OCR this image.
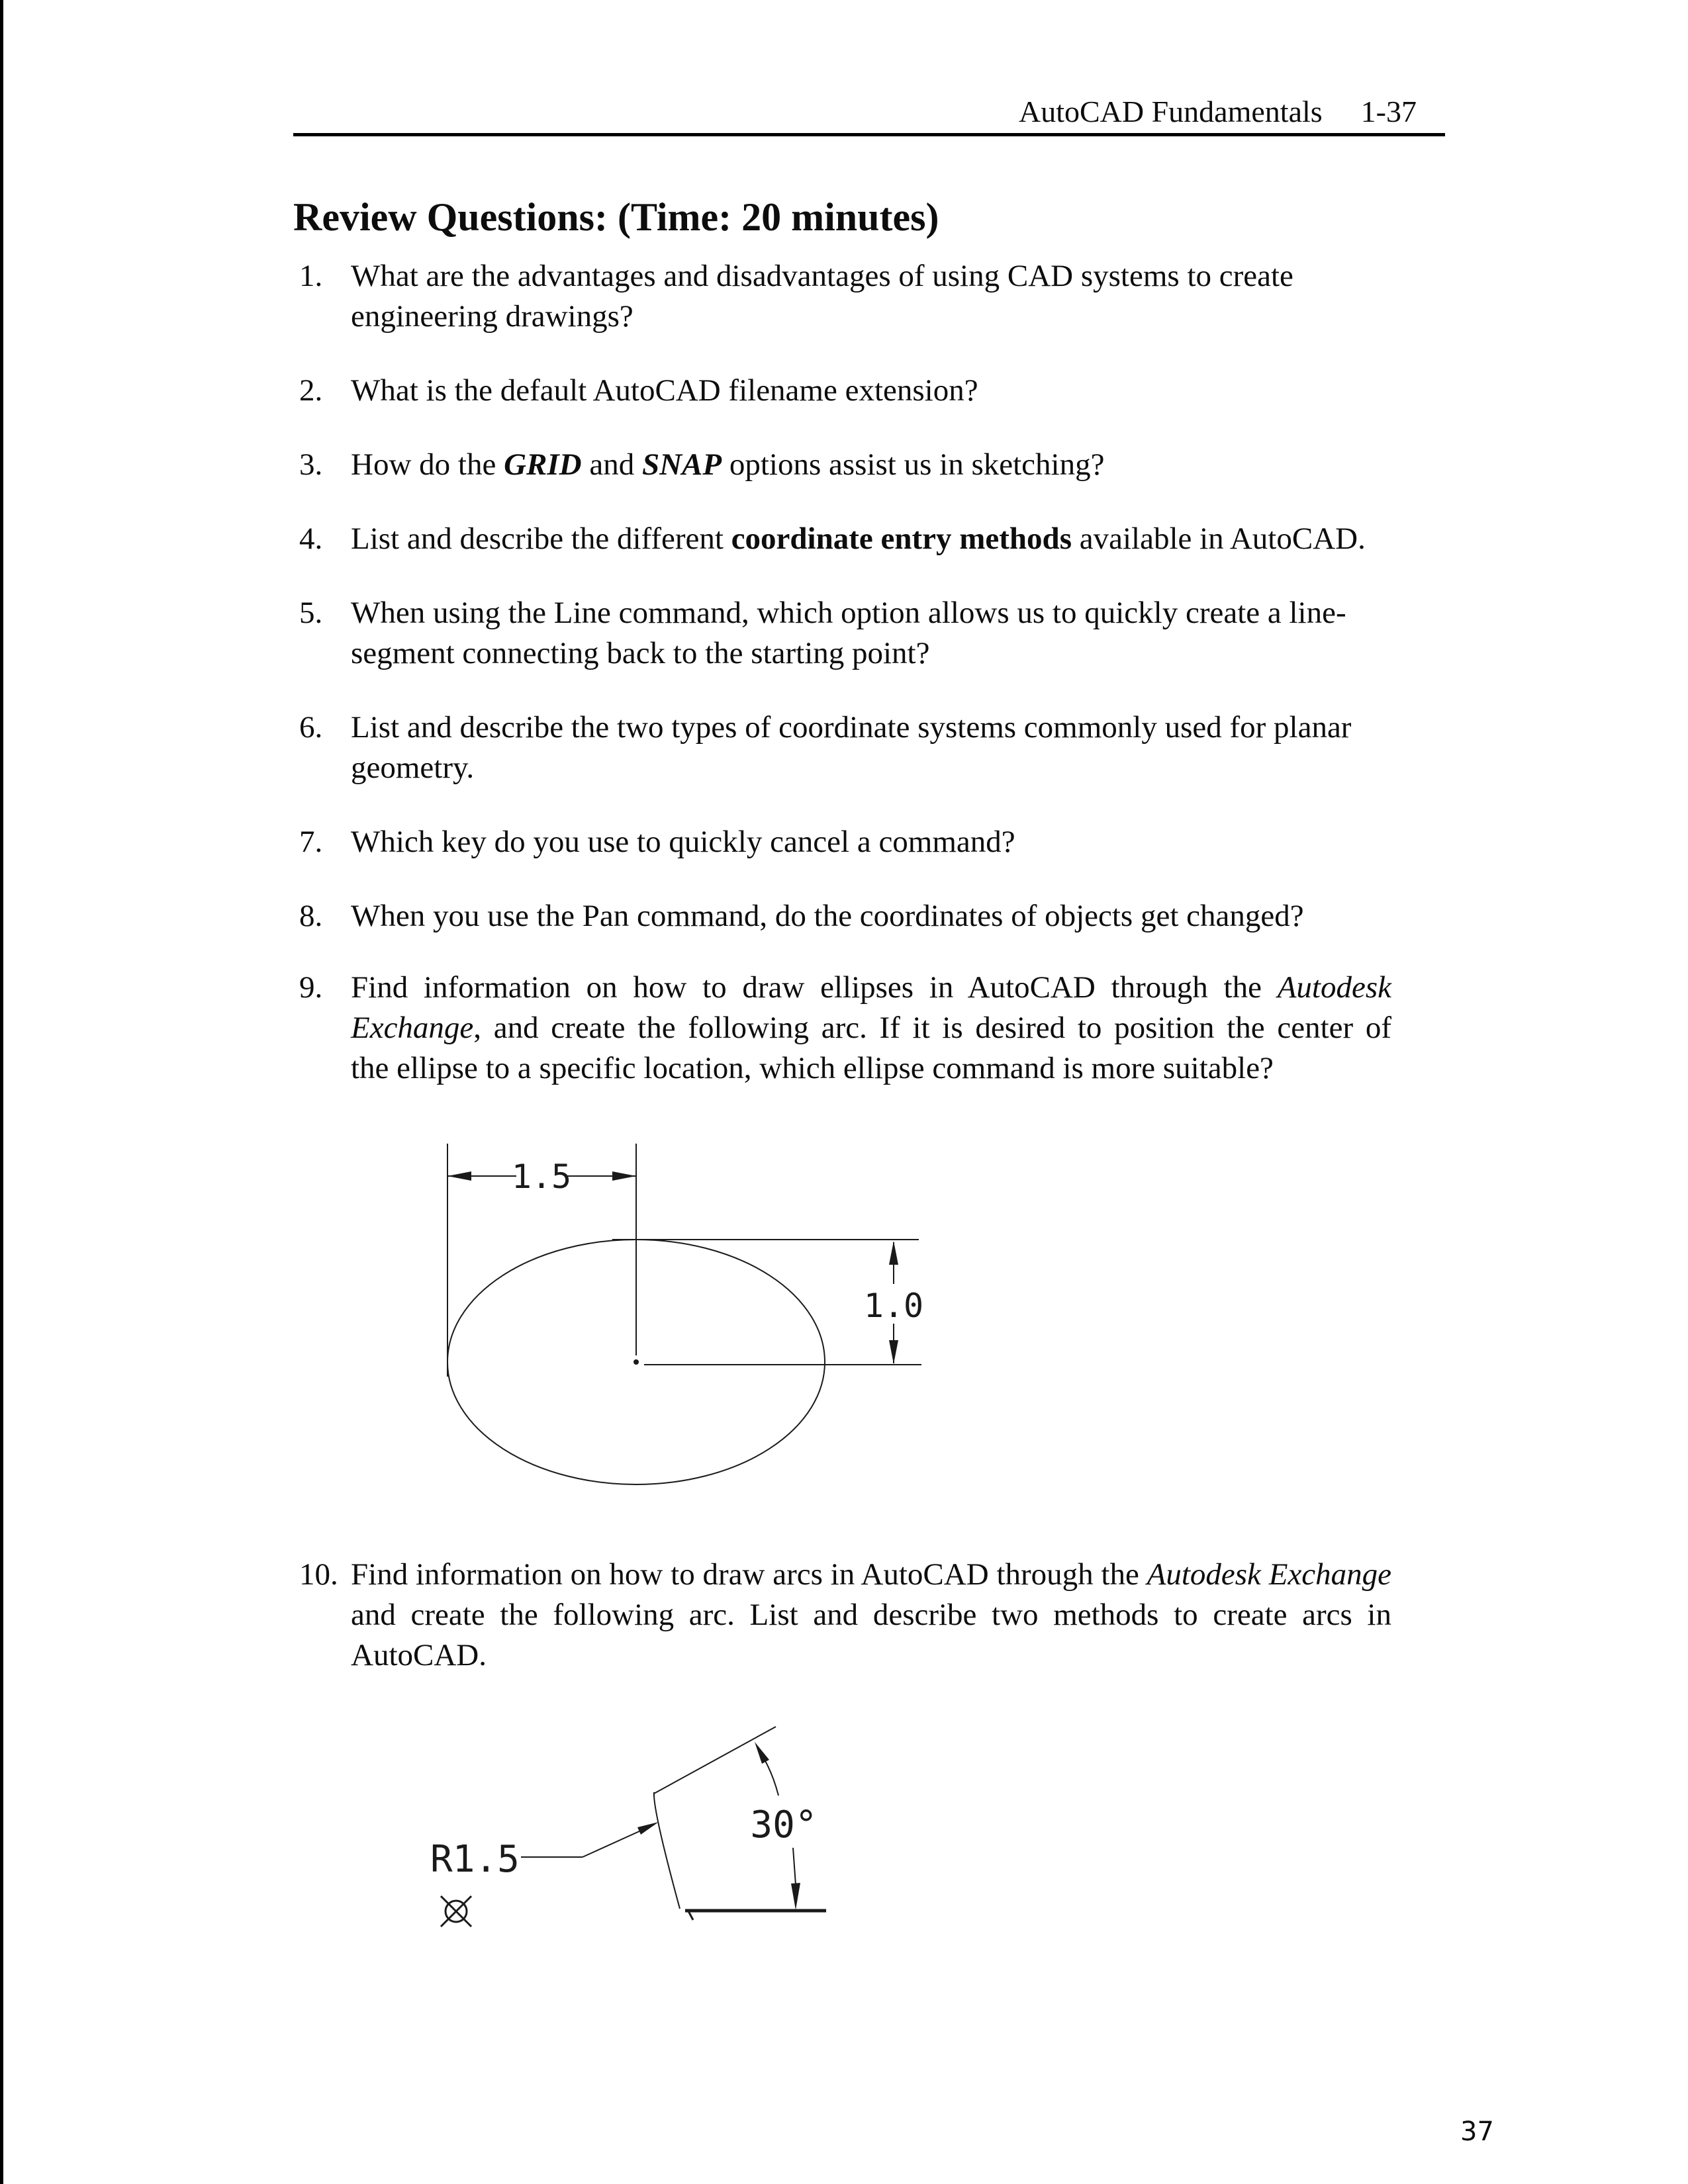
AutoCAD Fundamentals 1-37
Review Questions: (Time: 20 minutes)
1. What are the advantages and disadvantages of using CAD systems to create
engineering drawings?
2. What is the default AutoCAD filename extension?
3. How do the GRID and SNAP options assist us in sketching?
4. List and describe the different coordinate entry methods available in AutoCAD.
5. When using the Line command, which option allows us to quickly create a line-
segment connecting back to the starting point?
6. List and describe the two types of coordinate systems commonly used for planar
geometry.
7. Which key do you use to quickly cancel a command?
8. When you use the Pan command, do the coordinates of objects get changed?
9. Find information on how to draw ellipses in AutoCAD through the Autodesk
Exchange, and create the following arc. If it is desired to position the center of
the ellipse to a specific location, which ellipse command is more suitable?
10. Find information on how to draw arcs in AutoCAD through the Autodesk Exchange
and create the following arc. List and describe two methods to create arcs in
AutoCAD.
1.5
1.0
R1.5
30°
37
